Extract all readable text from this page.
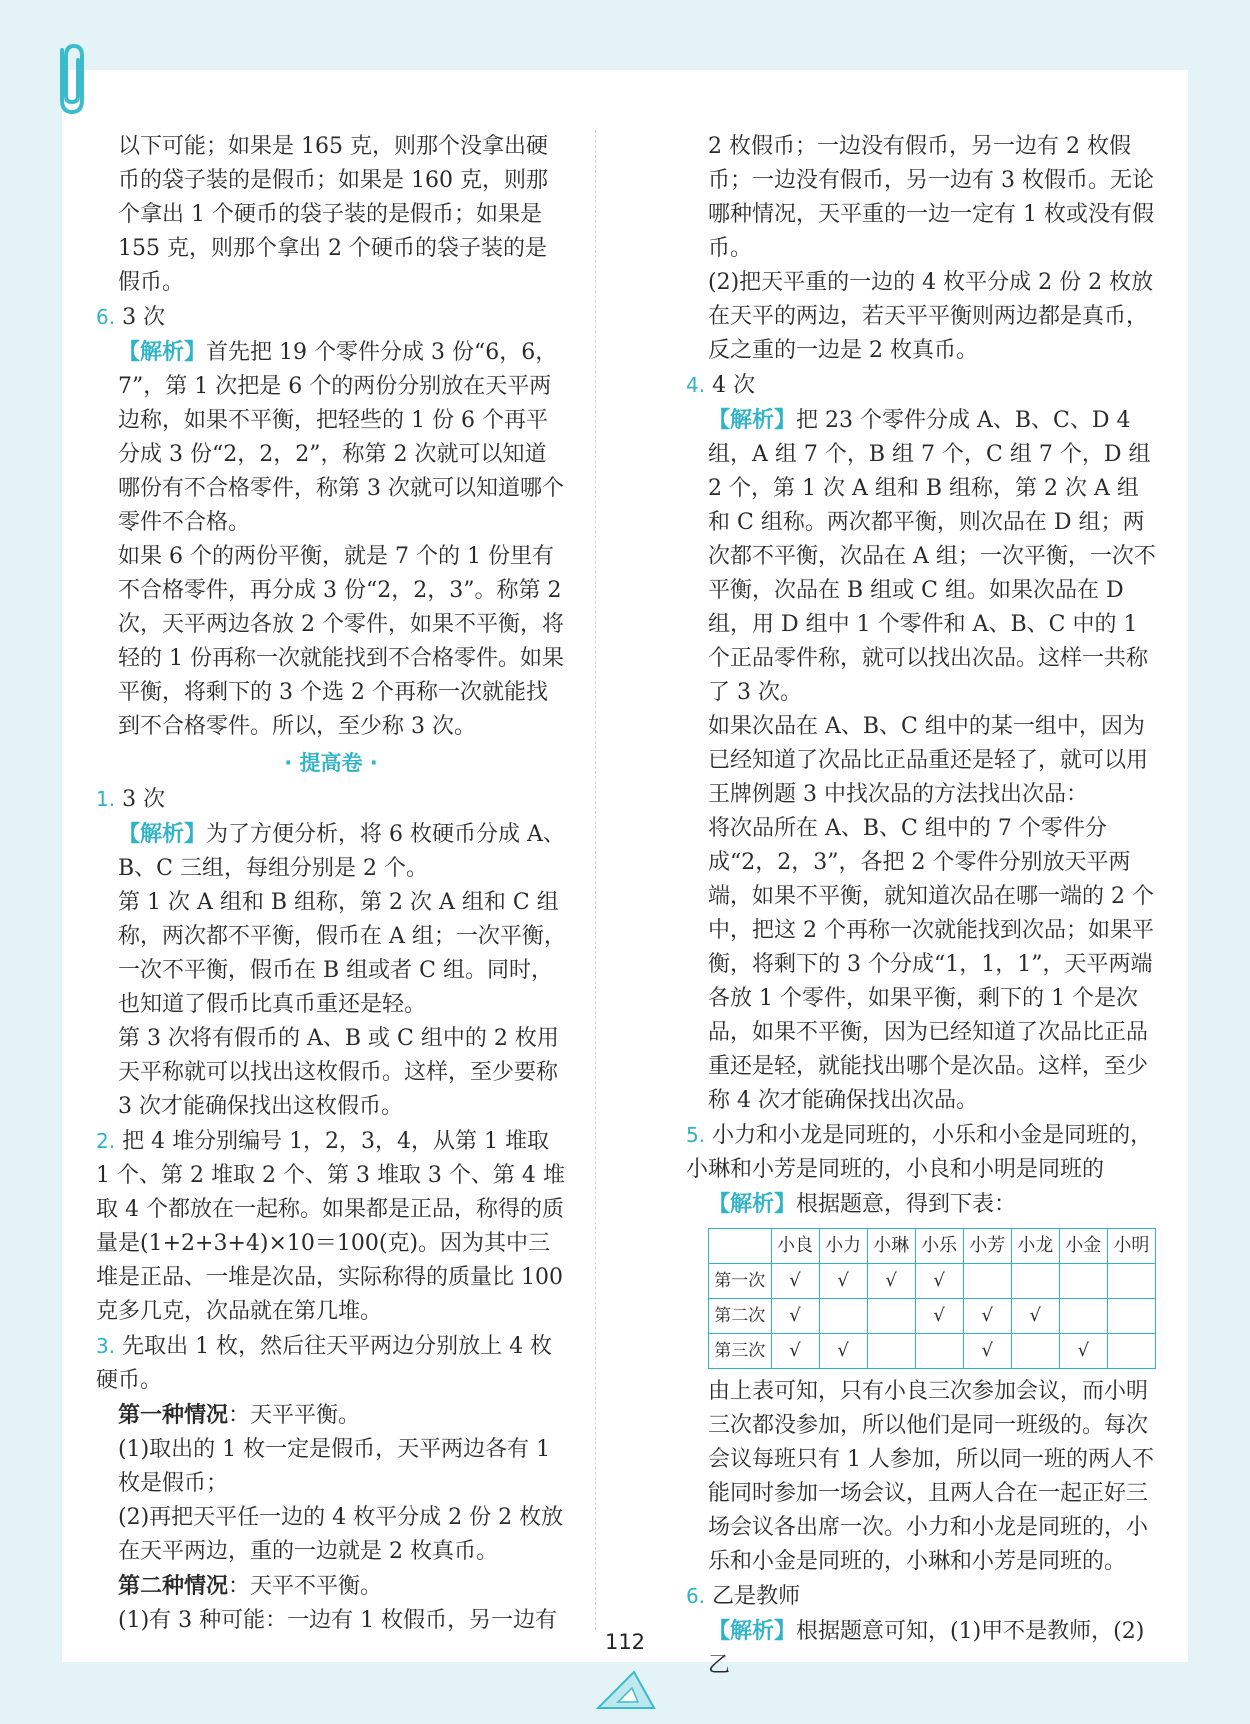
以下可能；如果是 165 克，则那个没拿出硬币的袋子装的是假币；如果是 160 克，则那个拿出 1 个硬币的袋子装的是假币；如果是 155 克，则那个拿出 2 个硬币的袋子装的是假币。

6. 3 次

【解析】首先把 19 个零件分成 3 份“6，6，7”，第 1 次把是 6 个的两份分别放在天平两边称，如果不平衡，把轻些的 1 份 6 个再平分成 3 份“2，2，2”，称第 2 次就可以知道哪份有不合格零件，称第 3 次就可以知道哪个零件不合格。

如果 6 个的两份平衡，就是 7 个的 1 份里有不合格零件，再分成 3 份“2，2，3”。称第 2 次，天平两边各放 2 个零件，如果不平衡，将轻的 1 份再称一次就能找到不合格零件。如果平衡，将剩下的 3 个选 2 个再称一次就能找到不合格零件。所以，至少称 3 次。

· 提高卷 ·

1. 3 次

【解析】为了方便分析，将 6 枚硬币分成 A、B、C 三组，每组分别是 2 个。

第 1 次 A 组和 B 组称，第 2 次 A 组和 C 组称，两次都不平衡，假币在 A 组；一次平衡，一次不平衡，假币在 B 组或者 C 组。同时，也知道了假币比真币重还是轻。

第 3 次将有假币的 A、B 或 C 组中的 2 枚用天平称就可以找出这枚假币。这样，至少要称 3 次才能确保找出这枚假币。

2. 把 4 堆分别编号 1，2，3，4，从第 1 堆取 1 个、第 2 堆取 2 个、第 3 堆取 3 个、第 4 堆取 4 个都放在一起称。如果都是正品，称得的质量是(1+2+3+4)×10＝100(克)。因为其中三堆是正品、一堆是次品，实际称得的质量比 100 克多几克，次品就在第几堆。

3. 先取出 1 枚，然后往天平两边分别放上 4 枚硬币。

第一种情况：天平平衡。

(1)取出的 1 枚一定是假币，天平两边各有 1 枚是假币；

(2)再把天平任一边的 4 枚平分成 2 份 2 枚放在天平两边，重的一边就是 2 枚真币。

第二种情况：天平不平衡。

(1)有 3 种可能：一边有 1 枚假币，另一边有

2 枚假币；一边没有假币，另一边有 2 枚假币；一边没有假币，另一边有 3 枚假币。无论哪种情况，天平重的一边一定有 1 枚或没有假币。

(2)把天平重的一边的 4 枚平分成 2 份 2 枚放在天平的两边，若天平平衡则两边都是真币，反之重的一边是 2 枚真币。

4. 4 次

【解析】把 23 个零件分成 A、B、C、D 4 组，A 组 7 个，B 组 7 个，C 组 7 个，D 组 2 个，第 1 次 A 组和 B 组称，第 2 次 A 组和 C 组称。两次都平衡，则次品在 D 组；两次都不平衡，次品在 A 组；一次平衡，一次不平衡，次品在 B 组或 C 组。如果次品在 D 组，用 D 组中 1 个零件和 A、B、C 中的 1 个正品零件称，就可以找出次品。这样一共称了 3 次。

如果次品在 A、B、C 组中的某一组中，因为已经知道了次品比正品重还是轻了，就可以用王牌例题 3 中找次品的方法找出次品：

将次品所在 A、B、C 组中的 7 个零件分成“2，2，3”，各把 2 个零件分别放天平两端，如果不平衡，就知道次品在哪一端的 2 个中，把这 2 个再称一次就能找到次品；如果平衡，将剩下的 3 个分成“1，1，1”，天平两端各放 1 个零件，如果平衡，剩下的 1 个是次品，如果不平衡，因为已经知道了次品比正品重还是轻，就能找出哪个是次品。这样，至少称 4 次才能确保找出次品。

5. 小力和小龙是同班的，小乐和小金是同班的，小琳和小芳是同班的，小良和小明是同班的

【解析】根据题意，得到下表：

	小良	小力	小琳	小乐	小芳	小龙	小金	小明
第一次	√	√	√	√				
第二次	√			√	√	√		
第三次	√	√			√		√	

由上表可知，只有小良三次参加会议，而小明三次都没参加，所以他们是同一班级的。每次会议每班只有 1 人参加，所以同一班的两人不能同时参加一场会议，且两人合在一起正好三场会议各出席一次。小力和小龙是同班的，小乐和小金是同班的，小琳和小芳是同班的。

6. 乙是教师

【解析】根据题意可知，(1)甲不是教师，(2)乙

112
